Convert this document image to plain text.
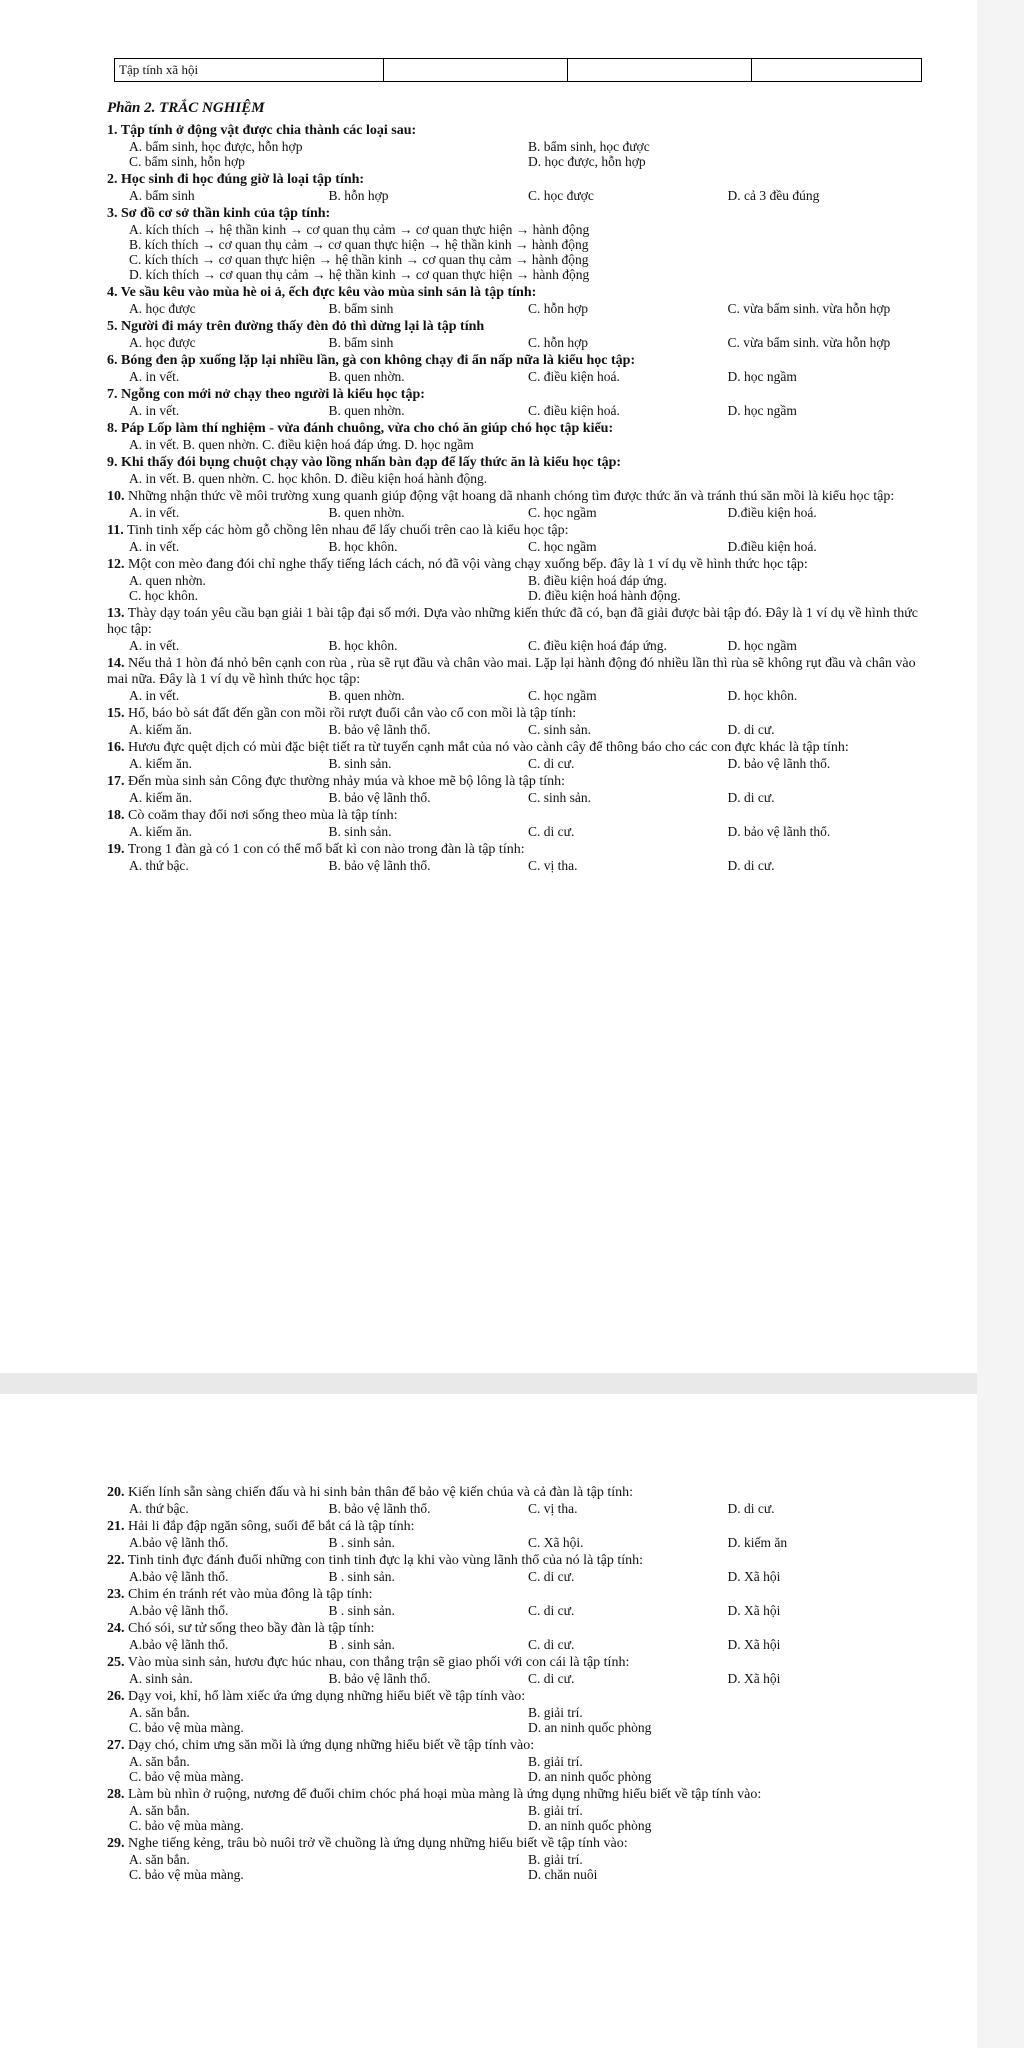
Tập tính xã hội			
Phần 2. TRẮC NGHIỆM
1. Tập tính ở động vật được chia thành các loại sau:
A. bẩm sinh, học được, hỗn hợp	B. bẩm sinh, học được
C. bẩm sinh, hỗn hợp	D. học được, hỗn hợp
2. Học sinh đi học đúng giờ là loại tập tính:
A. bẩm sinh	B. hỗn hợp	C. học được	D. cả 3 đều đúng
3. Sơ đồ cơ sở thần kinh của tập tính:
A. kích thích → hệ thần kinh → cơ quan thụ cảm → cơ quan thực hiện → hành động
B. kích thích → cơ quan thụ cảm → cơ quan thực hiện → hệ thần kinh → hành động
C. kích thích → cơ quan thực hiện → hệ thần kinh → cơ quan thụ cảm → hành động
D. kích thích → cơ quan thụ cảm → hệ thần kinh → cơ quan thực hiện → hành động
4. Ve sầu kêu vào mùa hè oi ả, ếch đực kêu vào mùa sinh sản là tập tính:
A. học được	B. bẩm sinh	C. hỗn hợp	C. vừa bẩm sinh. vừa hỗn hợp
5. Người đi máy trên đường thấy đèn đỏ thì dừng lại là tập tính
A. học được	B. bẩm sinh	C. hỗn hợp	C. vừa bẩm sinh. vừa hỗn hợp
6. Bóng đen ập xuống lặp lại nhiều lần, gà con không chạy đi ẩn nấp nữa là kiểu học tập:
A. in vết.	B. quen nhờn.	C. điều kiện hoá.	D. học ngầm
7. Ngỗng con mới nở chạy theo người là kiểu học tập:
A. in vết.	B. quen nhờn.	C. điều kiện hoá.	D. học ngầm
8. Páp Lốp làm thí nghiệm - vừa đánh chuông, vừa cho chó ăn giúp chó học tập kiểu:
A. in vết. B. quen nhờn. C. điều kiện hoá đáp ứng. D. học ngầm
9. Khi thấy đói bụng chuột chạy vào lồng nhấn bàn đạp để lấy thức ăn là kiểu học tập:
A. in vết. B. quen nhờn. C. học khôn. D. điều kiện hoá hành động.
10. Những nhận thức về môi trường xung quanh giúp động vật hoang dã nhanh chóng tìm được thức ăn và tránh thú săn mồi là kiểu học tập:
A. in vết.	B. quen nhờn.	C. học ngầm	D.điều kiện hoá.
11. Tinh tinh xếp các hòm gỗ chồng lên nhau để lấy chuối trên cao là kiểu học tập:
A. in vết.	B. học khôn.	C. học ngầm	D.điều kiện hoá.
12. Một con mèo đang đói chỉ nghe thấy tiếng lách cách, nó đã vội vàng chạy xuống bếp. đây là 1 ví dụ về hình thức học tập:
A. quen nhờn.	B. điều kiện hoá đáp ứng.
C. học khôn.	D. điều kiện hoá hành động.
13. Thày dạy toán yêu cầu bạn giải 1 bài tập đại số mới. Dựa vào những kiến thức đã có, bạn đã giải được bài tập đó. Đây là 1 ví dụ về hình thức học tập:
A. in vết.	B. học khôn.	C. điều kiện hoá đáp ứng.	D. học ngầm
14. Nếu thả 1 hòn đá nhỏ bên cạnh con rùa , rùa sẽ rụt đầu và chân vào mai. Lặp lại hành động đó nhiều lần thì rùa sẽ không rụt đầu và chân vào mai nữa. Đây là 1 ví dụ về hình thức học tập:
A. in vết.	B. quen nhờn.	C. học ngầm	D. học khôn.
15. Hổ, báo bò sát đất đến gần con mồi rồi rượt đuổi cắn vào cổ con mồi là tập tính:
A. kiếm ăn.	B. bảo vệ lãnh thổ.	C. sinh sản.	D. di cư.
16. Hươu đực quệt dịch có mùi đặc biệt tiết ra từ tuyến cạnh mắt của nó vào cành cây để thông báo cho các con đực khác là tập tính:
A. kiếm ăn.	B. sinh sản.	C. di cư.	D. bảo vệ lãnh thổ.
17. Đến mùa sinh sản Công đực thường nhảy múa và khoe mẽ bộ lông là tập tính:
A. kiếm ăn.	B. bảo vệ lãnh thổ.	C. sinh sản.	D. di cư.
18. Cò coăm thay đổi nơi sống theo mùa là tập tính:
A. kiếm ăn.	B. sinh sản.	C. di cư.	D. bảo vệ lãnh thổ.
19. Trong 1 đàn gà có 1 con có thể mổ bất kì con nào trong đàn là tập tính:
A. thứ bậc.	B. bảo vệ lãnh thổ.	C. vị tha.	D. di cư.
20. Kiến lính sẵn sàng chiến đấu và hi sinh bản thân để bảo vệ kiến chúa và cả đàn là tập tính:
A. thứ bậc.	B. bảo vệ lãnh thổ.	C. vị tha.	D. di cư.
21. Hải li đắp đập ngăn sông, suối để bắt cá là tập tính:
A.bảo vệ lãnh thổ.	B . sinh sản.	C. Xã hội.	D. kiếm ăn
22. Tinh tinh đực đánh đuổi những con tinh tinh đực lạ khi vào vùng lãnh thổ của nó là tập tính:
A.bảo vệ lãnh thổ.	B . sinh sản.	C. di cư.	D. Xã hội
23. Chim én tránh rét vào mùa đông là tập tính:
A.bảo vệ lãnh thổ.	B . sinh sản.	C. di cư.	D. Xã hội
24. Chó sói, sư tử sống theo bầy đàn là tập tính:
A.bảo vệ lãnh thổ.	B . sinh sản.	C. di cư.	D. Xã hội
25. Vào mùa sinh sản, hươu đực húc nhau, con thắng trận sẽ giao phối với con cái là tập tính:
A. sinh sản.	B. bảo vệ lãnh thổ.	C. di cư.	D. Xã hội
26. Dạy voi, khỉ, hổ làm xiếc ứa ứng dụng những hiểu biết về tập tính vào:
A. săn bắn.	B. giải trí.
C. bảo vệ mùa màng.	D. an ninh quốc phòng
27. Dạy chó, chim ưng săn mồi là ứng dụng những hiểu biết về tập tính vào:
A. săn bắn.	B. giải trí.
C. bảo vệ mùa màng.	D. an ninh quốc phòng
28. Làm bù nhìn ở ruộng, nương để đuổi chim chóc phá hoại mùa màng là ứng dụng những hiểu biết về tập tính vào:
A. săn bắn.	B. giải trí.
C. bảo vệ mùa màng.	D. an ninh quốc phòng
29. Nghe tiếng kẻng, trâu bò nuôi trở về chuồng là ứng dụng những hiểu biết về tập tính vào:
A. săn bắn.	B. giải trí.
C. bảo vệ mùa màng.	D. chăn nuôi
